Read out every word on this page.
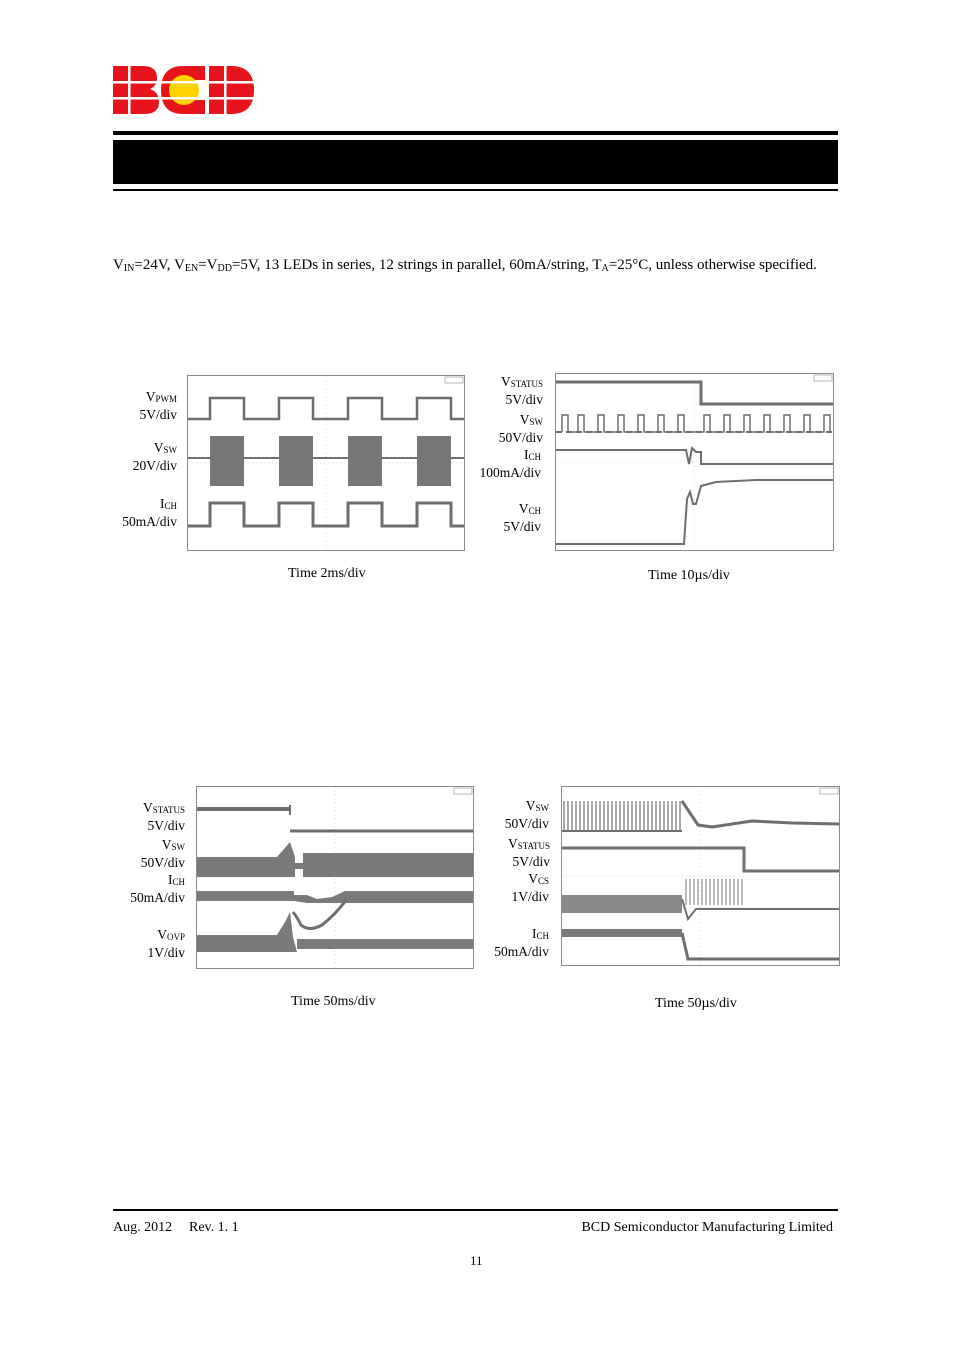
$V_{IN}=24V$, $V_{EN}=V_{DD}=5V$, 13 LEDs in series, 12 strings in parallel, 60mA/string, $T_A=25^\circ C$, unless otherwise specified.
$V_{PWM}$
5V/div
$V_{SW}$
20V/div
$I_{CH}$
50mA/div
Time 2ms/div
$V_{STATUS}$
5V/div
$V_{SW}$
50V/div
$I_{CH}$
100mA/div
$V_{CH}$
5V/div
Time 10µs/div
$V_{STATUS}$
5V/div
$V_{SW}$
50V/div
$I_{CH}$
50mA/div
$V_{OVP}$
1V/div
Time 50ms/div
$V_{SW}$
50V/div
$V_{STATUS}$
5V/div
$V_{CS}$
1V/div
$I_{CH}$
50mA/div
Time 50µs/div
Aug. 2012 Rev. 1. 1	BCD Semiconductor Manufacturing Limited
11
